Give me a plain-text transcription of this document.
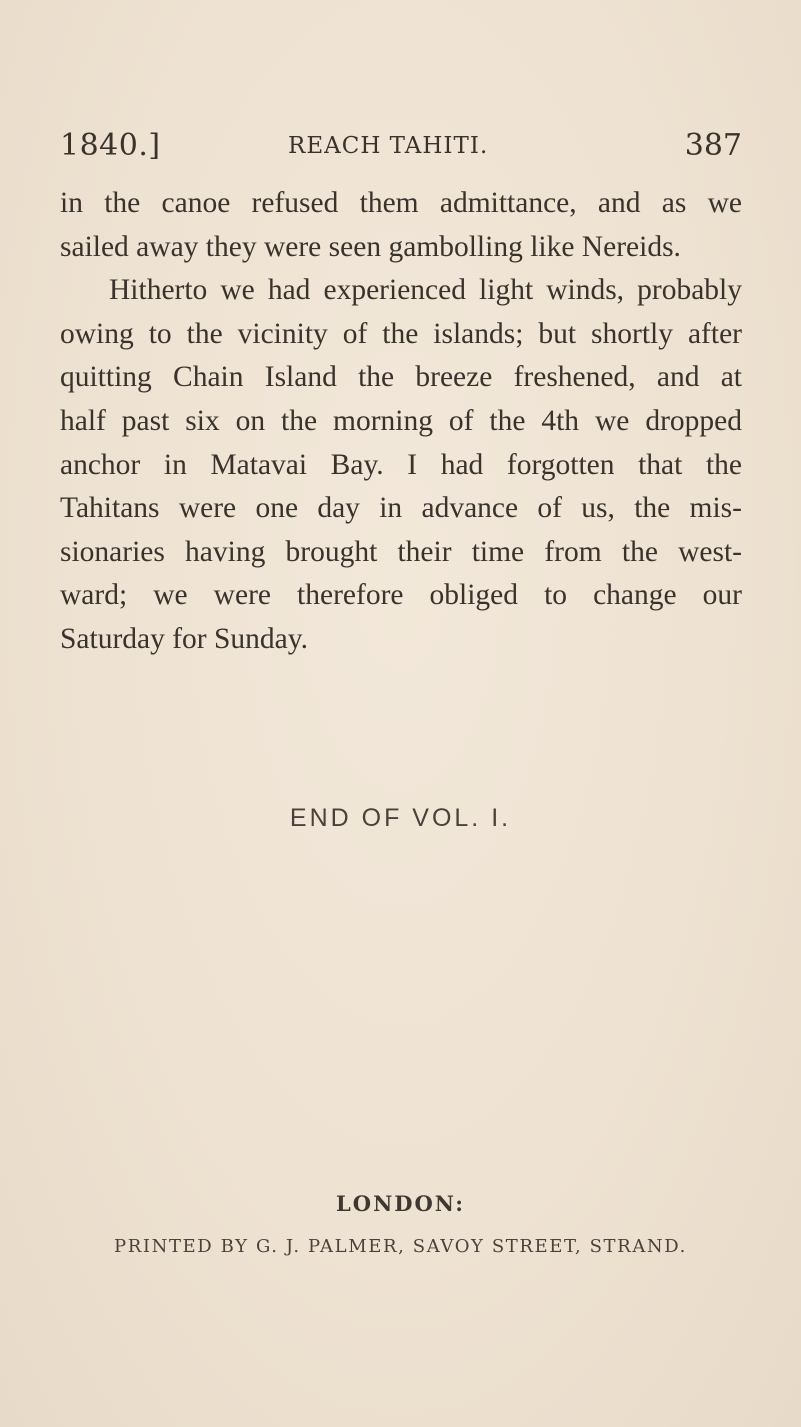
1840.]	REACH TAHITI.	387

in the canoe refused them admittance, and as we

sailed away they were seen gambolling like Nereids.

Hitherto we had experienced light winds, probably

owing to the vicinity of the islands; but shortly after

quitting Chain Island the breeze freshened, and at

half past six on the morning of the 4th we dropped

anchor in Matavai Bay. I had forgotten that the

Tahitans were one day in advance of us, the mis-

sionaries having brought their time from the west-

ward; we were therefore obliged to change our

Saturday for Sunday.

END OF VOL. I.
LONDON:
PRINTED BY G. J. PALMER, SAVOY STREET, STRAND.
